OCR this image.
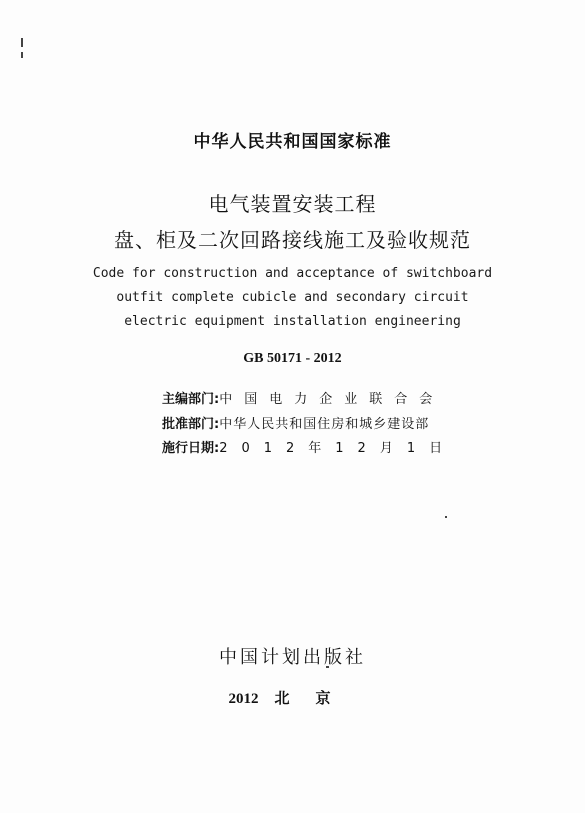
中华人民共和国国家标准
电气装置安装工程
盘、柜及二次回路接线施工及验收规范
Code for construction and acceptance of switchboard
outfit complete cubicle and secondary circuit
electric equipment installation engineering
GB 50171 - 2012
主编部门:中国电力企业联合会
批准部门:中华人民共和国住房和城乡建设部
施行日期:2012年12月1日
中国计划出版社
2012 北京
